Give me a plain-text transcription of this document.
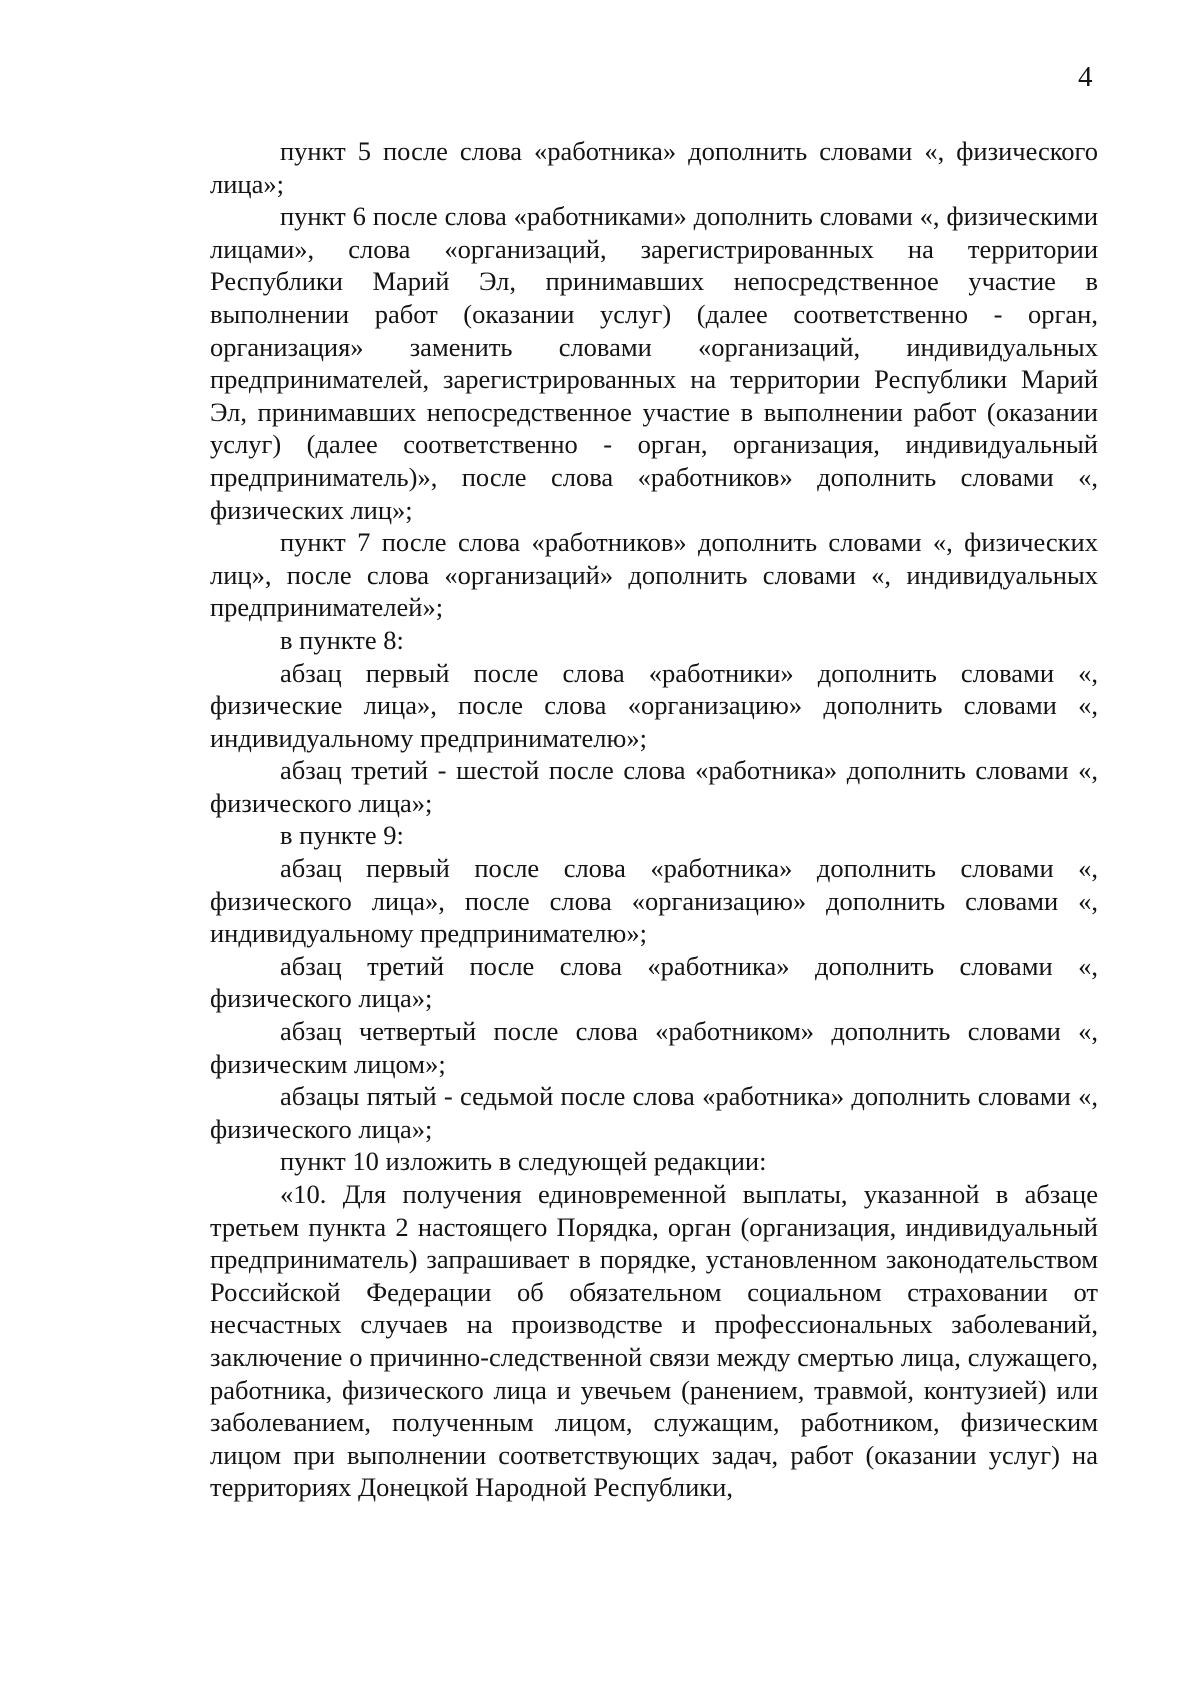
4

пункт 5 после слова «работника» дополнить словами «, физического лица»;

пункт 6 после слова «работниками» дополнить словами «, физическими лицами», слова «организаций, зарегистрированных на территории Республики Марий Эл, принимавших непосредственное участие в выполнении работ (оказании услуг) (далее соответственно - орган, организация» заменить словами «организаций, индивидуальных предпринимателей, зарегистрированных на территории Республики Марий Эл, принимавших непосредственное участие в выполнении работ (оказании услуг) (далее соответственно - орган, организация, индивидуальный предприниматель)», после слова «работников» дополнить словами «, физических лиц»;

пункт 7 после слова «работников» дополнить словами «, физических лиц», после слова «организаций» дополнить словами «, индивидуальных предпринимателей»;

в пункте 8:

абзац первый после слова «работники» дополнить словами «, физические лица», после слова «организацию» дополнить словами «, индивидуальному предпринимателю»;

абзац третий - шестой после слова «работника» дополнить словами «, физического лица»;

в пункте 9:

абзац первый после слова «работника» дополнить словами «, физического лица», после слова «организацию» дополнить словами «, индивидуальному предпринимателю»;

абзац третий после слова «работника» дополнить словами «, физического лица»;

абзац четвертый после слова «работником» дополнить словами «, физическим лицом»;

абзацы пятый - седьмой после слова «работника» дополнить словами «, физического лица»;

пункт 10 изложить в следующей редакции:

«10. Для получения единовременной выплаты, указанной в абзаце третьем пункта 2 настоящего Порядка, орган (организация, индивидуальный предприниматель) запрашивает в порядке, установленном законодательством Российской Федерации об обязательном социальном страховании от несчастных случаев на производстве и профессиональных заболеваний, заключение о причинно-следственной связи между смертью лица, служащего, работника, физического лица и увечьем (ранением, травмой, контузией) или заболеванием, полученным лицом, служащим, работником, физическим лицом при выполнении соответствующих задач, работ (оказании услуг) на территориях Донецкой Народной Республики,
